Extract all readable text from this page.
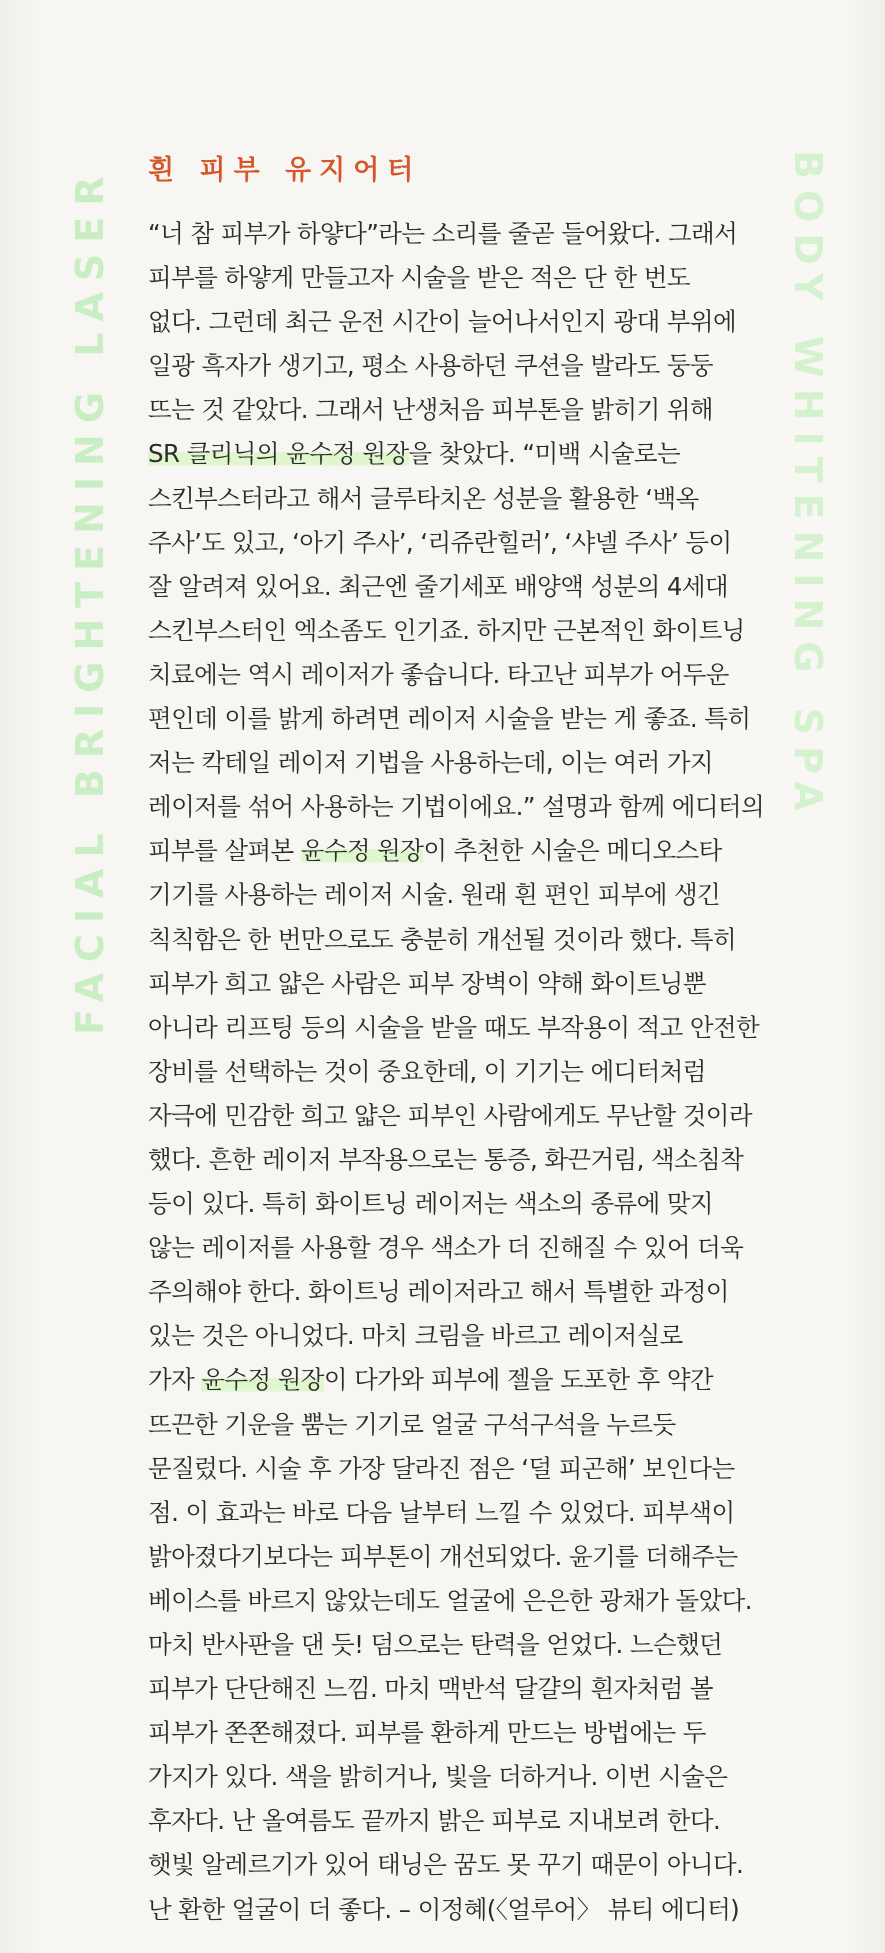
FACIAL BRIGHTENING LASER	BODY WHITENING SPA
흰 피부 유지어터
“너 참 피부가 하얗다”라는 소리를 줄곧 들어왔다. 그래서
피부를 하얗게 만들고자 시술을 받은 적은 단 한 번도
없다. 그런데 최근 운전 시간이 늘어나서인지 광대 부위에
일광 흑자가 생기고, 평소 사용하던 쿠션을 발라도 둥둥
뜨는 것 같았다. 그래서 난생처음 피부톤을 밝히기 위해
SR 클리닉의 윤수정 원장을 찾았다. “미백 시술로는
스킨부스터라고 해서 글루타치온 성분을 활용한 ‘백옥
주사’도 있고, ‘아기 주사’, ‘리쥬란힐러’, ‘샤넬 주사’ 등이
잘 알려져 있어요. 최근엔 줄기세포 배양액 성분의 4세대
스킨부스터인 엑소좀도 인기죠. 하지만 근본적인 화이트닝
치료에는 역시 레이저가 좋습니다. 타고난 피부가 어두운
편인데 이를 밝게 하려면 레이저 시술을 받는 게 좋죠. 특히
저는 칵테일 레이저 기법을 사용하는데, 이는 여러 가지
레이저를 섞어 사용하는 기법이에요.” 설명과 함께 에디터의
피부를 살펴본 윤수정 원장이 추천한 시술은 메디오스타
기기를 사용하는 레이저 시술. 원래 흰 편인 피부에 생긴
칙칙함은 한 번만으로도 충분히 개선될 것이라 했다. 특히
피부가 희고 얇은 사람은 피부 장벽이 약해 화이트닝뿐
아니라 리프팅 등의 시술을 받을 때도 부작용이 적고 안전한
장비를 선택하는 것이 중요한데, 이 기기는 에디터처럼
자극에 민감한 희고 얇은 피부인 사람에게도 무난할 것이라
했다. 흔한 레이저 부작용으로는 통증, 화끈거림, 색소침착
등이 있다. 특히 화이트닝 레이저는 색소의 종류에 맞지
않는 레이저를 사용할 경우 색소가 더 진해질 수 있어 더욱
주의해야 한다. 화이트닝 레이저라고 해서 특별한 과정이
있는 것은 아니었다. 마치 크림을 바르고 레이저실로
가자 윤수정 원장이 다가와 피부에 젤을 도포한 후 약간
뜨끈한 기운을 뿜는 기기로 얼굴 구석구석을 누르듯
문질렀다. 시술 후 가장 달라진 점은 ‘덜 피곤해’ 보인다는
점. 이 효과는 바로 다음 날부터 느낄 수 있었다. 피부색이
밝아졌다기보다는 피부톤이 개선되었다. 윤기를 더해주는
베이스를 바르지 않았는데도 얼굴에 은은한 광채가 돌았다.
마치 반사판을 댄 듯! 덤으로는 탄력을 얻었다. 느슨했던
피부가 단단해진 느낌. 마치 맥반석 달걀의 흰자처럼 볼
피부가 쫀쫀해졌다. 피부를 환하게 만드는 방법에는 두
가지가 있다. 색을 밝히거나, 빛을 더하거나. 이번 시술은
후자다. 난 올여름도 끝까지 밝은 피부로 지내보려 한다.
햇빛 알레르기가 있어 태닝은 꿈도 못 꾸기 때문이 아니다.
난 환한 얼굴이 더 좋다. – 이정혜(〈얼루어〉 뷰티 에디터)
